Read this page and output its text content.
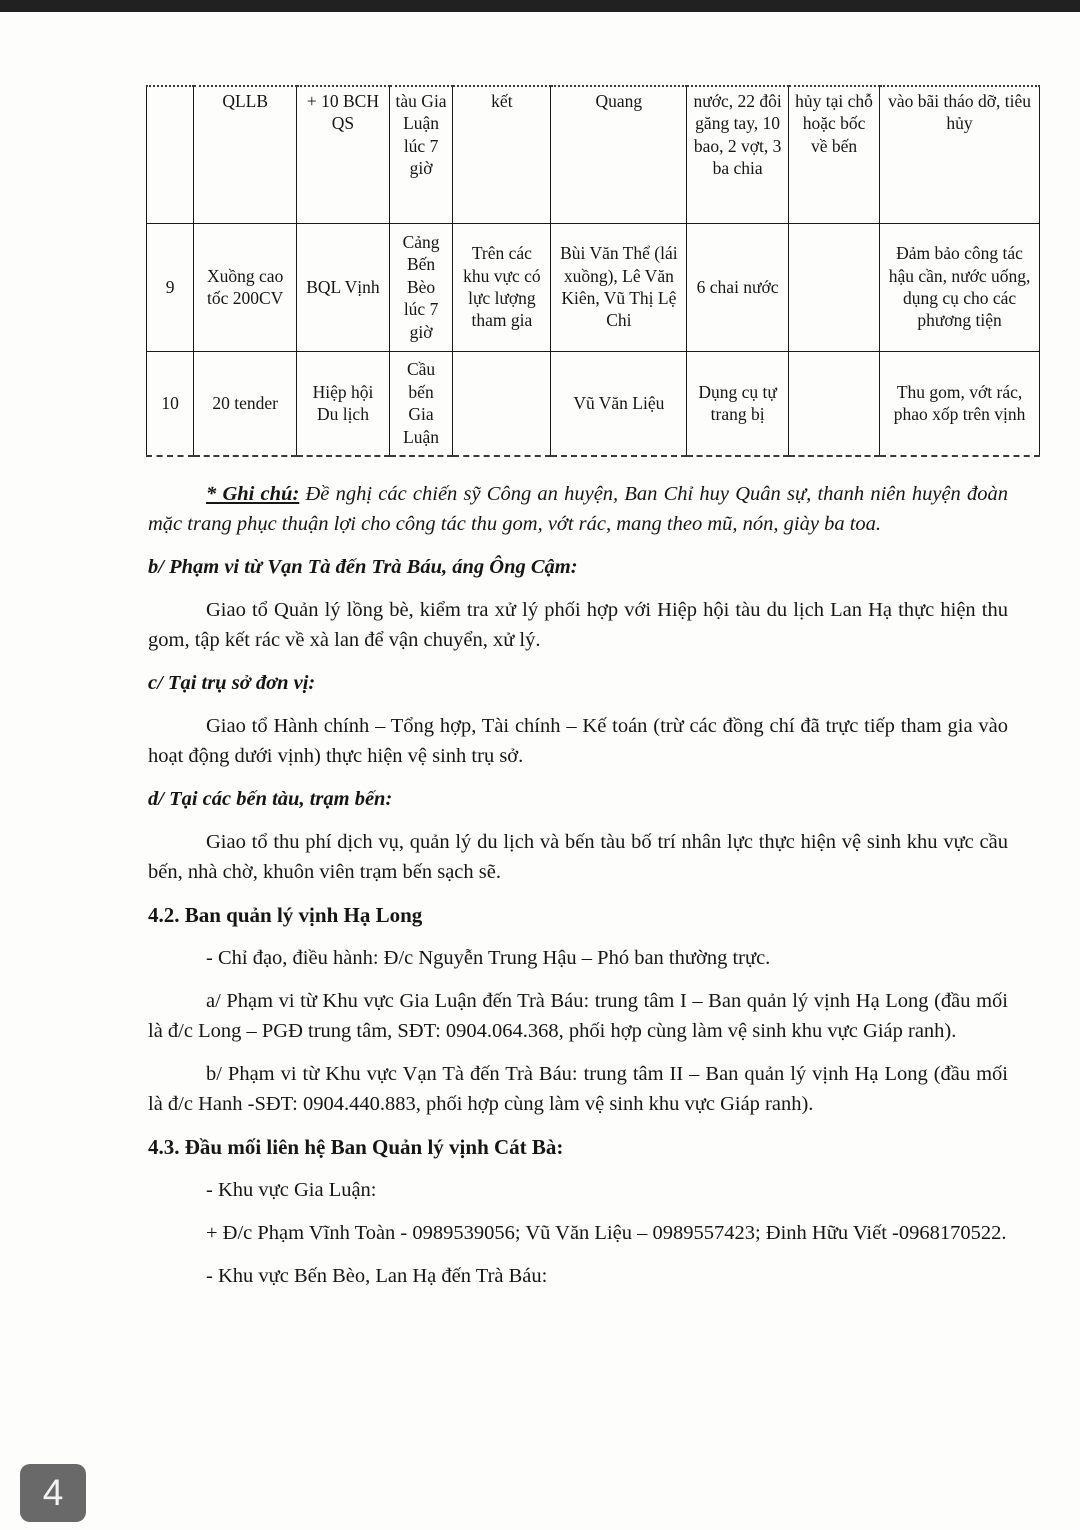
	QLLB	+ 10 BCH QS	tàu Gia Luận lúc 7 giờ	kết	Quang	nước, 22 đôi găng tay, 10 bao, 2 vợt, 3 ba chia	hủy tại chỗ hoặc bốc về bến	vào bãi tháo dỡ, tiêu hủy
9	Xuồng cao tốc 200CV	BQL Vịnh	Cảng Bến Bèo lúc 7 giờ	Trên các khu vực có lực lượng tham gia	Bùi Văn Thể (lái xuồng), Lê Văn Kiên, Vũ Thị Lệ Chi	6 chai nước		Đảm bảo công tác hậu cần, nước uống, dụng cụ cho các phương tiện
10	20 tender	Hiệp hội Du lịch	Cầu bến Gia Luận		Vũ Văn Liệu	Dụng cụ tự trang bị		Thu gom, vớt rác, phao xốp trên vịnh

* Ghi chú: Đề nghị các chiến sỹ Công an huyện, Ban Chỉ huy Quân sự, thanh niên huyện đoàn mặc trang phục thuận lợi cho công tác thu gom, vớt rác, mang theo mũ, nón, giày ba toa.

b/ Phạm vi từ Vạn Tà đến Trà Báu, áng Ông Cậm:

Giao tổ Quản lý lồng bè, kiểm tra xử lý phối hợp với Hiệp hội tàu du lịch Lan Hạ thực hiện thu gom, tập kết rác về xà lan để vận chuyển, xử lý.

c/ Tại trụ sở đơn vị:

Giao tổ Hành chính – Tổng hợp, Tài chính – Kế toán (trừ các đồng chí đã trực tiếp tham gia vào hoạt động dưới vịnh) thực hiện vệ sinh trụ sở.

d/ Tại các bến tàu, trạm bến:

Giao tổ thu phí dịch vụ, quản lý du lịch và bến tàu bố trí nhân lực thực hiện vệ sinh khu vực cầu bến, nhà chờ, khuôn viên trạm bến sạch sẽ.

4.2. Ban quản lý vịnh Hạ Long

- Chỉ đạo, điều hành: Đ/c Nguyễn Trung Hậu – Phó ban thường trực.

a/ Phạm vi từ Khu vực Gia Luận đến Trà Báu: trung tâm I – Ban quản lý vịnh Hạ Long (đầu mối là đ/c Long – PGĐ trung tâm, SĐT: 0904.064.368, phối hợp cùng làm vệ sinh khu vực Giáp ranh).

b/ Phạm vi từ Khu vực Vạn Tà đến Trà Báu: trung tâm II – Ban quản lý vịnh Hạ Long (đầu mối là đ/c Hanh -SĐT: 0904.440.883, phối hợp cùng làm vệ sinh khu vực Giáp ranh).

4.3. Đầu mối liên hệ Ban Quản lý vịnh Cát Bà:

- Khu vực Gia Luận:

+ Đ/c Phạm Vĩnh Toàn - 0989539056; Vũ Văn Liệu – 0989557423; Đinh Hữu Viết -0968170522.

- Khu vực Bến Bèo, Lan Hạ đến Trà Báu:

4
